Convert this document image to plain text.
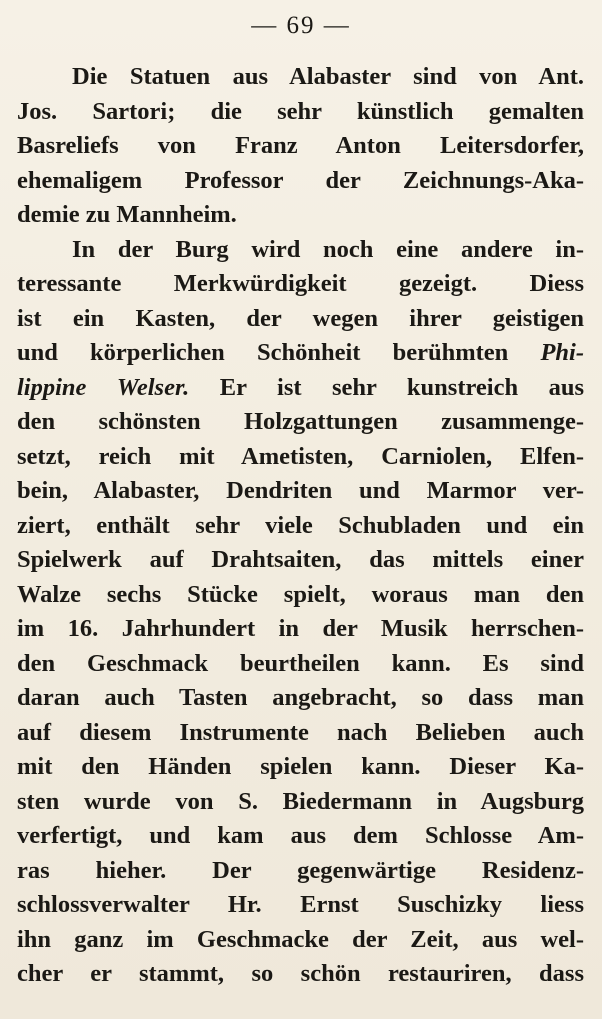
— 69 —
Die Statuen aus Alabaster sind von Ant.
Jos. Sartori; die sehr künstlich gemalten
Basreliefs von Franz Anton Leitersdorfer,
ehemaligem Professor der Zeichnungs-Aka-
demie zu Mannheim.
In der Burg wird noch eine andere in-
teressante Merkwürdigkeit gezeigt. Diess
ist ein Kasten, der wegen ihrer geistigen
und körperlichen Schönheit berühmten Phi-
lippine Welser. Er ist sehr kunstreich aus
den schönsten Holzgattungen zusammenge-
setzt, reich mit Ametisten, Carniolen, Elfen-
bein, Alabaster, Dendriten und Marmor ver-
ziert, enthält sehr viele Schubladen und ein
Spielwerk auf Drahtsaiten, das mittels einer
Walze sechs Stücke spielt, woraus man den
im 16. Jahrhundert in der Musik herrschen-
den Geschmack beurtheilen kann. Es sind
daran auch Tasten angebracht, so dass man
auf diesem Instrumente nach Belieben auch
mit den Händen spielen kann. Dieser Ka-
sten wurde von S. Biedermann in Augsburg
verfertigt, und kam aus dem Schlosse Am-
ras hieher. Der gegenwärtige Residenz-
schlossverwalter Hr. Ernst Suschizky liess
ihn ganz im Geschmacke der Zeit, aus wel-
cher er stammt, so schön restauriren, dass
